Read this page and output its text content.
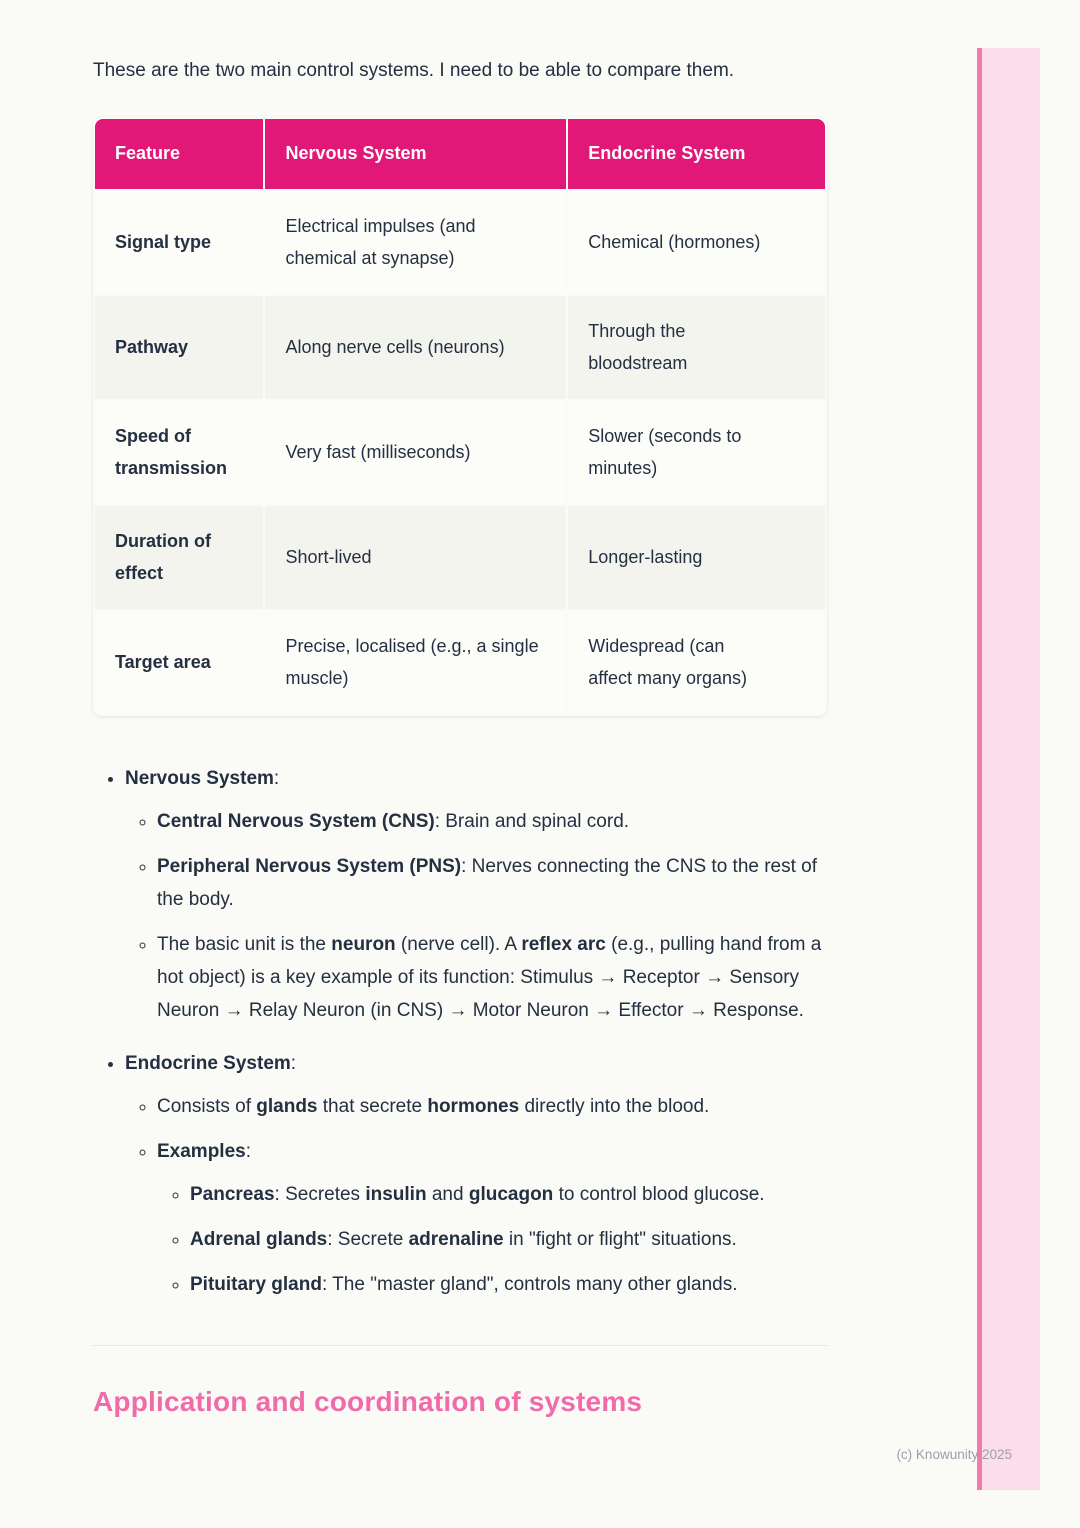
These are the two main control systems. I need to be able to compare them.

Feature	Nervous System	Endocrine System
Signal type	Electrical impulses (and chemical at synapse)	Chemical (hormones)
Pathway	Along nerve cells (neurons)	Through the bloodstream
Speed of transmission	Very fast (milliseconds)	Slower (seconds to minutes)
Duration of effect	Short-lived	Longer-lasting
Target area	Precise, localised (e.g., a single muscle)	Widespread (can affect many organs)
• Nervous System:
◦ Central Nervous System (CNS): Brain and spinal cord.
◦ Peripheral Nervous System (PNS): Nerves connecting the CNS to the rest of the body.
◦ The basic unit is the neuron (nerve cell). A reflex arc (e.g., pulling hand from a hot object) is a key example of its function: Stimulus → Receptor → Sensory Neuron → Relay Neuron (in CNS) → Motor Neuron → Effector → Response.
• Endocrine System:
◦ Consists of glands that secrete hormones directly into the blood.
◦ Examples:
◦ Pancreas: Secretes insulin and glucagon to control blood glucose.
◦ Adrenal glands: Secrete adrenaline in "fight or flight" situations.
◦ Pituitary gland: The "master gland", controls many other glands.
Application and coordination of systems
(c) Knowunity 2025
